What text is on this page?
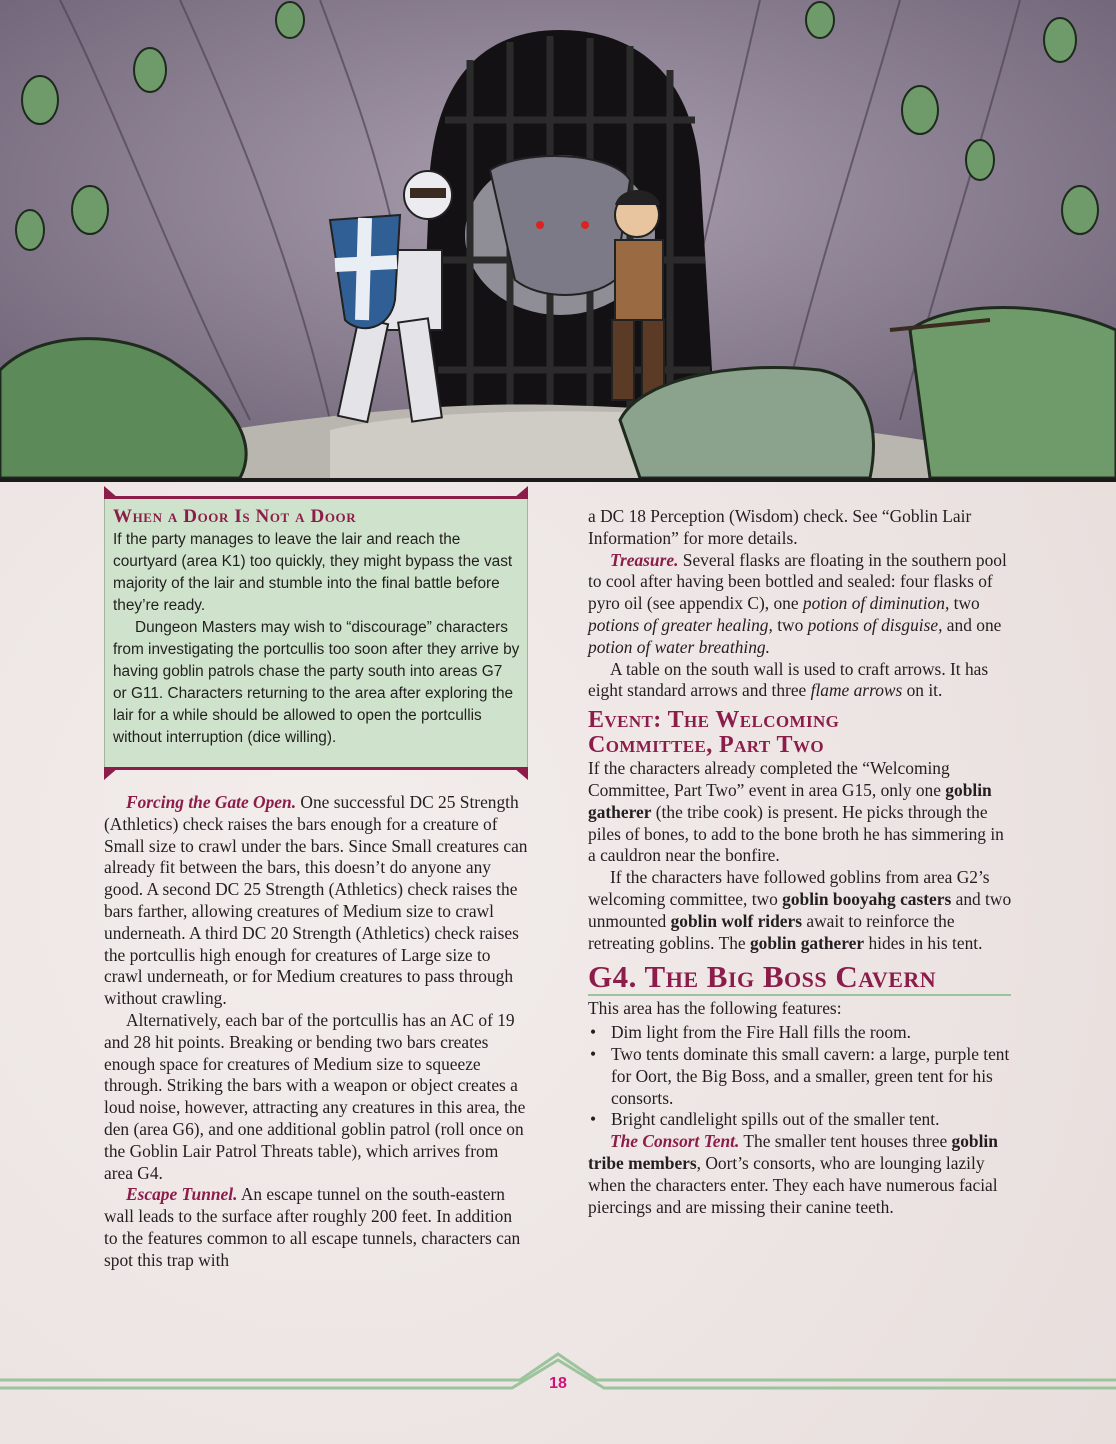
When a Door Is Not a Door

If the party manages to leave the lair and reach the courtyard (area K1) too quickly, they might bypass the vast majority of the lair and stumble into the final battle before they’re ready.

Dungeon Masters may wish to “discourage” characters from investigating the portcullis too soon after they arrive by having goblin patrols chase the party south into areas G7 or G11. Characters returning to the area after exploring the lair for a while should be allowed to open the portcullis without interruption (dice willing).

Forcing the Gate Open. One successful DC 25 Strength (Athletics) check raises the bars enough for a creature of Small size to crawl under the bars. Since Small creatures can already fit between the bars, this doesn’t do anyone any good. A second DC 25 Strength (Athletics) check raises the bars farther, allowing creatures of Medium size to crawl underneath. A third DC 20 Strength (Athletics) check raises the portcullis high enough for creatures of Large size to crawl underneath, or for Medium creatures to pass through without crawling.

Alternatively, each bar of the portcullis has an AC of 19 and 28 hit points. Breaking or bending two bars creates enough space for creatures of Medium size to squeeze through. Striking the bars with a weapon or object creates a loud noise, however, attracting any creatures in this area, the den (area G6), and one additional goblin patrol (roll once on the Goblin Lair Patrol Threats table), which arrives from area G4.

Escape Tunnel. An escape tunnel on the south-eastern wall leads to the surface after roughly 200 feet. In addition to the features common to all escape tunnels, characters can spot this trap with

a DC 18 Perception (Wisdom) check. See “Goblin Lair Information” for more details.

Treasure. Several flasks are floating in the southern pool to cool after having been bottled and sealed: four flasks of pyro oil (see appendix C), one potion of diminution, two potions of greater healing, two potions of disguise, and one potion of water breathing.

A table on the south wall is used to craft arrows. It has eight standard arrows and three flame arrows on it.

Event: The Welcoming
Committee, Part Two

If the characters already completed the “Welcoming Committee, Part Two” event in area G15, only one goblin gatherer (the tribe cook) is present. He picks through the piles of bones, to add to the bone broth he has simmering in a cauldron near the bonfire.

If the characters have followed goblins from area G2’s welcoming committee, two goblin booyahg casters and two unmounted goblin wolf riders await to reinforce the retreating goblins. The goblin gatherer hides in his tent.

G4. The Big Boss Cavern

This area has the following features:

• Dim light from the Fire Hall fills the room.
• Two tents dominate this small cavern: a large, purple tent for Oort, the Big Boss, and a smaller, green tent for his consorts.
• Bright candlelight spills out of the smaller tent.

The Consort Tent. The smaller tent houses three goblin tribe members, Oort’s consorts, who are lounging lazily when the characters enter. They each have numerous facial piercings and are missing their canine teeth.

18
